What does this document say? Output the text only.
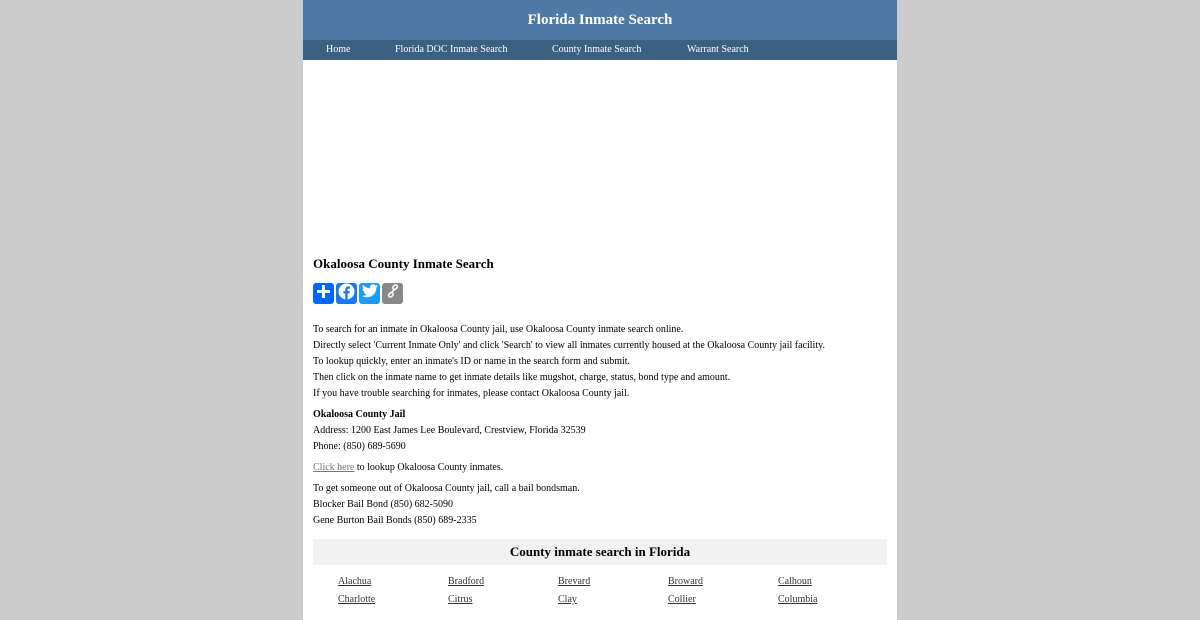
Florida Inmate Search
Home	Florida DOC Inmate Search	County Inmate Search	Warrant Search
Okaloosa County Inmate Search
To search for an inmate in Okaloosa County jail, use Okaloosa County inmate search online.
Directly select 'Current Inmate Only' and click 'Search' to view all inmates currently housed at the Okaloosa County jail facility.
To lookup quickly, enter an inmate's ID or name in the search form and submit.
Then click on the inmate name to get inmate details like mugshot, charge, status, bond type and amount.
If you have trouble searching for inmates, please contact Okaloosa County jail.
Okaloosa County Jail
Address: 1200 East James Lee Boulevard, Crestview, Florida 32539
Phone: (850) 689-5690
Click here to lookup Okaloosa County inmates.
To get someone out of Okaloosa County jail, call a bail bondsman.
Blocker Bail Bond (850) 682-5090
Gene Burton Bail Bonds (850) 689-2335
County inmate search in Florida
Alachua	Bradford	Brevard	Broward	Calhoun
Charlotte	Citrus	Clay	Collier	Columbia
